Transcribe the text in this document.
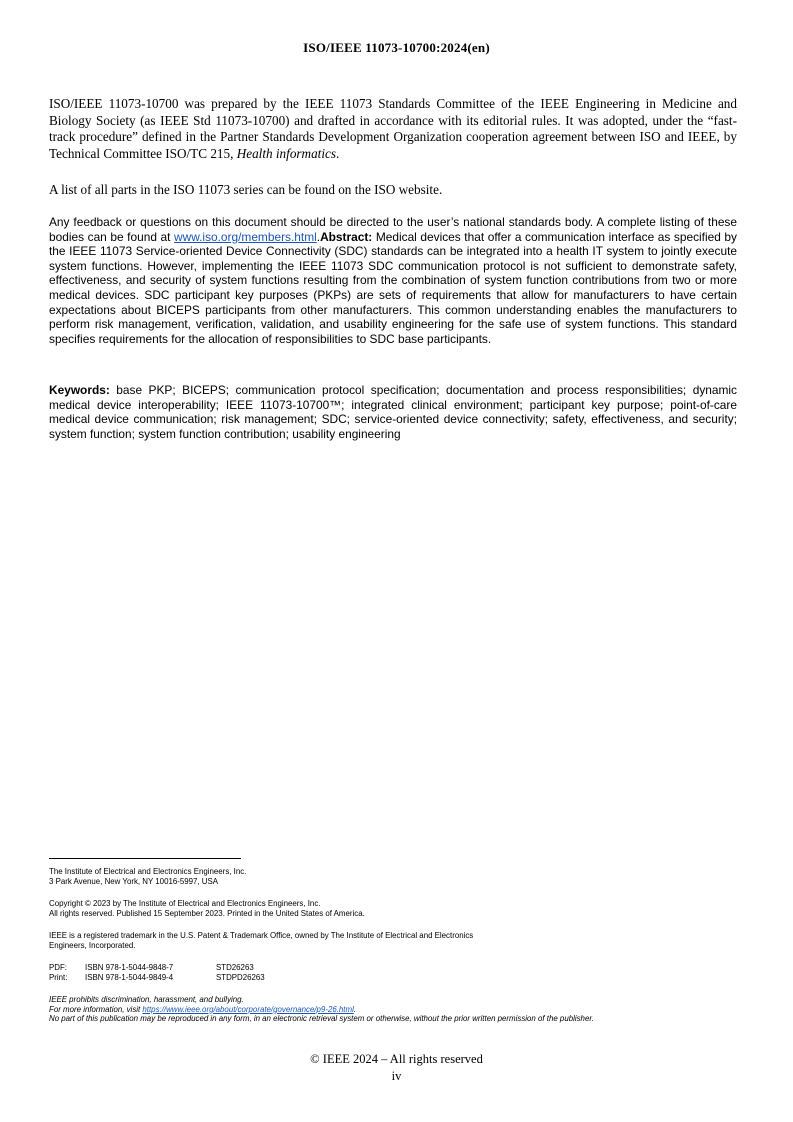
ISO/IEEE 11073-10700:2024(en)

ISO/IEEE 11073-10700 was prepared by the IEEE 11073 Standards Committee of the IEEE Engineering in Medicine and Biology Society (as IEEE Std 11073-10700) and drafted in accordance with its editorial rules. It was adopted, under the “fast-track procedure” defined in the Partner Standards Development Organization cooperation agreement between ISO and IEEE, by Technical Committee ISO/TC 215, Health informatics.

A list of all parts in the ISO 11073 series can be found on the ISO website.

Any feedback or questions on this document should be directed to the user’s national standards body. A complete listing of these bodies can be found at www.iso.org/members.html.Abstract: Medical devices that offer a communication interface as specified by the IEEE 11073 Service-oriented Device Connectivity (SDC) standards can be integrated into a health IT system to jointly execute system functions. However, implementing the IEEE 11073 SDC communication protocol is not sufficient to demonstrate safety, effectiveness, and security of system functions resulting from the combination of system function contributions from two or more medical devices. SDC participant key purposes (PKPs) are sets of requirements that allow for manufacturers to have certain expectations about BICEPS participants from other manufacturers. This common understanding enables the manufacturers to perform risk management, verification, validation, and usability engineering for the safe use of system functions. This standard specifies requirements for the allocation of responsibilities to SDC base participants.

Keywords: base PKP; BICEPS; communication protocol specification; documentation and process responsibilities; dynamic medical device interoperability; IEEE 11073-10700™; integrated clinical environment; participant key purpose; point-of-care medical device communication; risk management; SDC; service-oriented device connectivity; safety, effectiveness, and security; system function; system function contribution; usability engineering

The Institute of Electrical and Electronics Engineers, Inc.
3 Park Avenue, New York, NY 10016-5997, USA
Copyright © 2023 by The Institute of Electrical and Electronics Engineers, Inc.
All rights reserved. Published 15 September 2023. Printed in the United States of America.
IEEE is a registered trademark in the U.S. Patent & Trademark Office, owned by The Institute of Electrical and Electronics
Engineers, Incorporated.
PDF: ISBN 978-1-5044-9848-7	STD26263
Print: ISBN 978-1-5044-9849-4	STDPD26263
IEEE prohibits discrimination, harassment, and bullying.
For more information, visit https://www.ieee.org/about/corporate/governance/p9-26.html.
No part of this publication may be reproduced in any form, in an electronic retrieval system or otherwise, without the prior written permission of the publisher.
© IEEE 2024 – All rights reserved
iv
